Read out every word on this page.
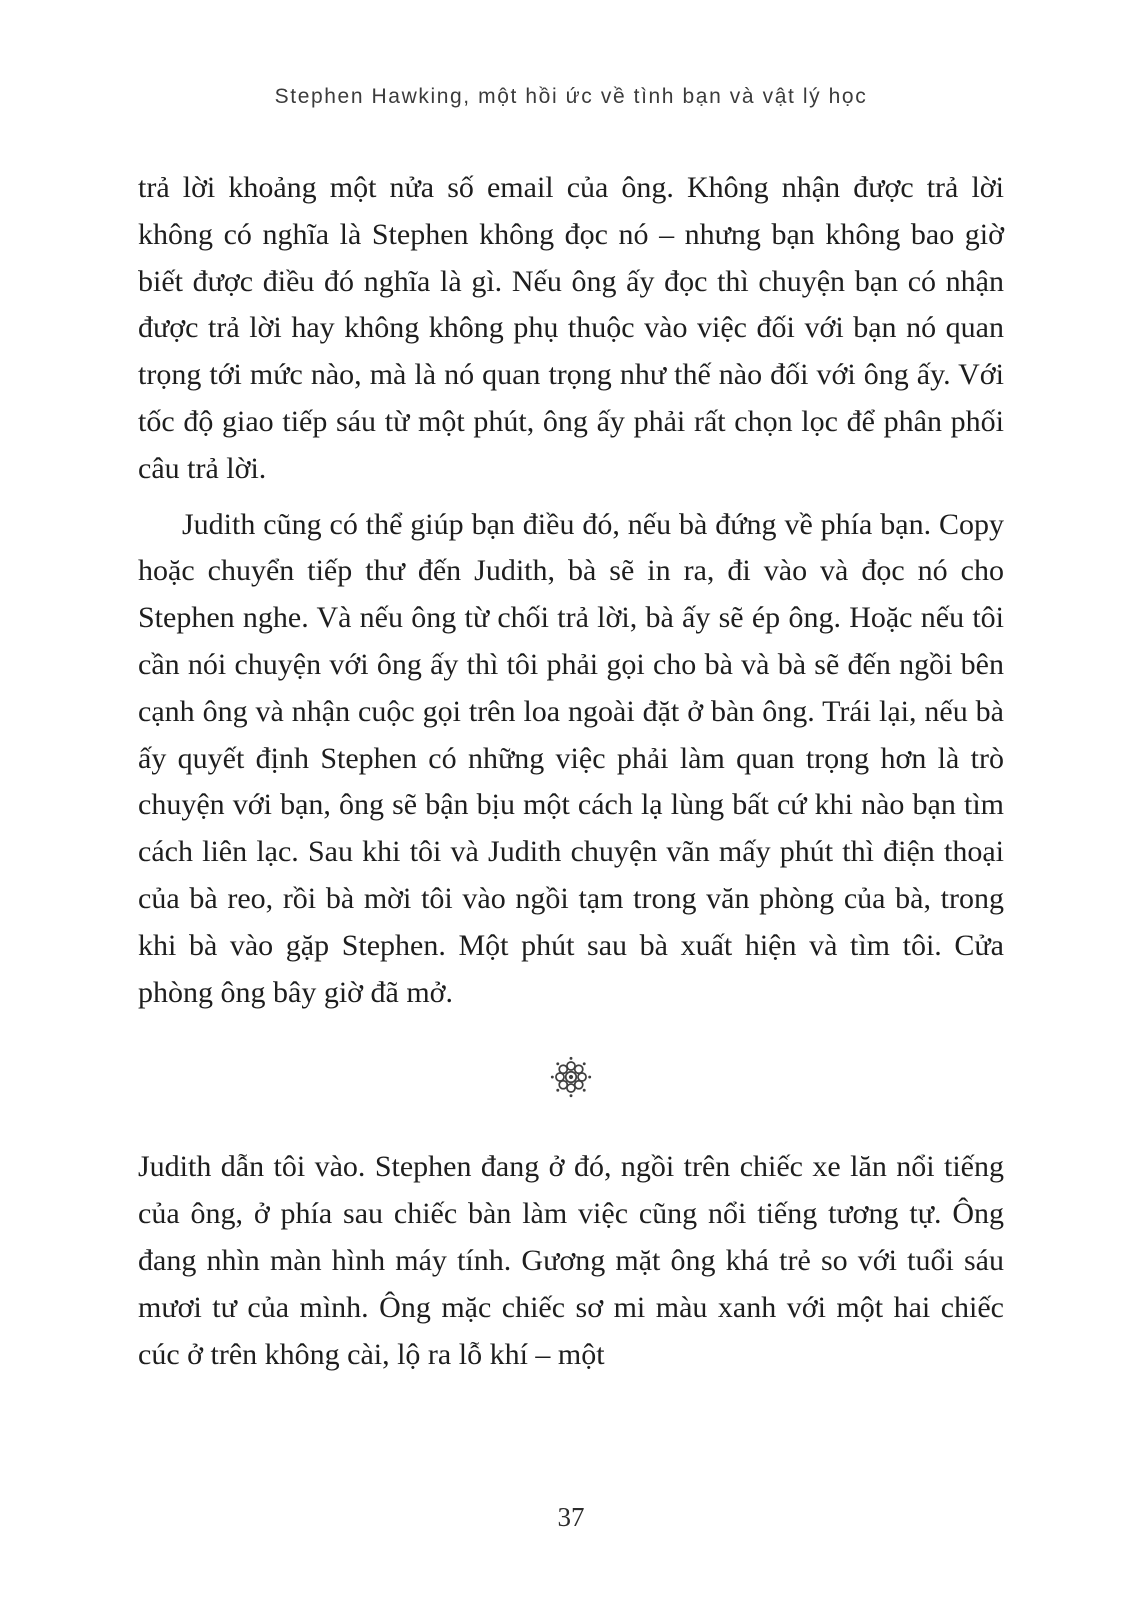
Stephen Hawking, một hồi ức về tình bạn và vật lý học

trả lời khoảng một nửa số email của ông. Không nhận được trả lời không có nghĩa là Stephen không đọc nó – nhưng bạn không bao giờ biết được điều đó nghĩa là gì. Nếu ông ấy đọc thì chuyện bạn có nhận được trả lời hay không không phụ thuộc vào việc đối với bạn nó quan trọng tới mức nào, mà là nó quan trọng như thế nào đối với ông ấy. Với tốc độ giao tiếp sáu từ một phút, ông ấy phải rất chọn lọc để phân phối câu trả lời.

Judith cũng có thể giúp bạn điều đó, nếu bà đứng về phía bạn. Copy hoặc chuyển tiếp thư đến Judith, bà sẽ in ra, đi vào và đọc nó cho Stephen nghe. Và nếu ông từ chối trả lời, bà ấy sẽ ép ông. Hoặc nếu tôi cần nói chuyện với ông ấy thì tôi phải gọi cho bà và bà sẽ đến ngồi bên cạnh ông và nhận cuộc gọi trên loa ngoài đặt ở bàn ông. Trái lại, nếu bà ấy quyết định Stephen có những việc phải làm quan trọng hơn là trò chuyện với bạn, ông sẽ bận bịu một cách lạ lùng bất cứ khi nào bạn tìm cách liên lạc. Sau khi tôi và Judith chuyện vãn mấy phút thì điện thoại của bà reo, rồi bà mời tôi vào ngồi tạm trong văn phòng của bà, trong khi bà vào gặp Stephen. Một phút sau bà xuất hiện và tìm tôi. Cửa phòng ông bây giờ đã mở.

Judith dẫn tôi vào. Stephen đang ở đó, ngồi trên chiếc xe lăn nổi tiếng của ông, ở phía sau chiếc bàn làm việc cũng nổi tiếng tương tự. Ông đang nhìn màn hình máy tính. Gương mặt ông khá trẻ so với tuổi sáu mươi tư của mình. Ông mặc chiếc sơ mi màu xanh với một hai chiếc cúc ở trên không cài, lộ ra lỗ khí – một

37
